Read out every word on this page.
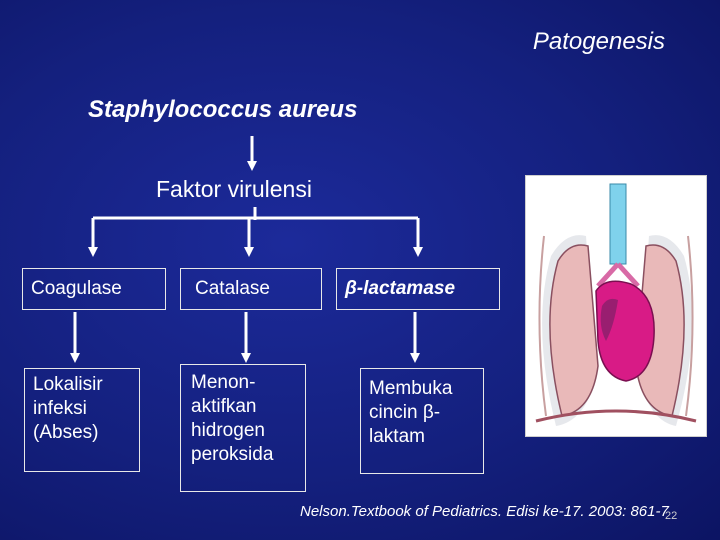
Patogenesis
Staphylococcus aureus
Faktor virulensi
Coagulase	Catalase	β-lactamase
Lokalisir
infeksi
(Abses)
Menon-
aktifkan
hidrogen
peroksida
Membuka
cincin β-
laktam
Nelson.Textbook of Pediatrics. Edisi ke-17. 2003: 861-7
22
